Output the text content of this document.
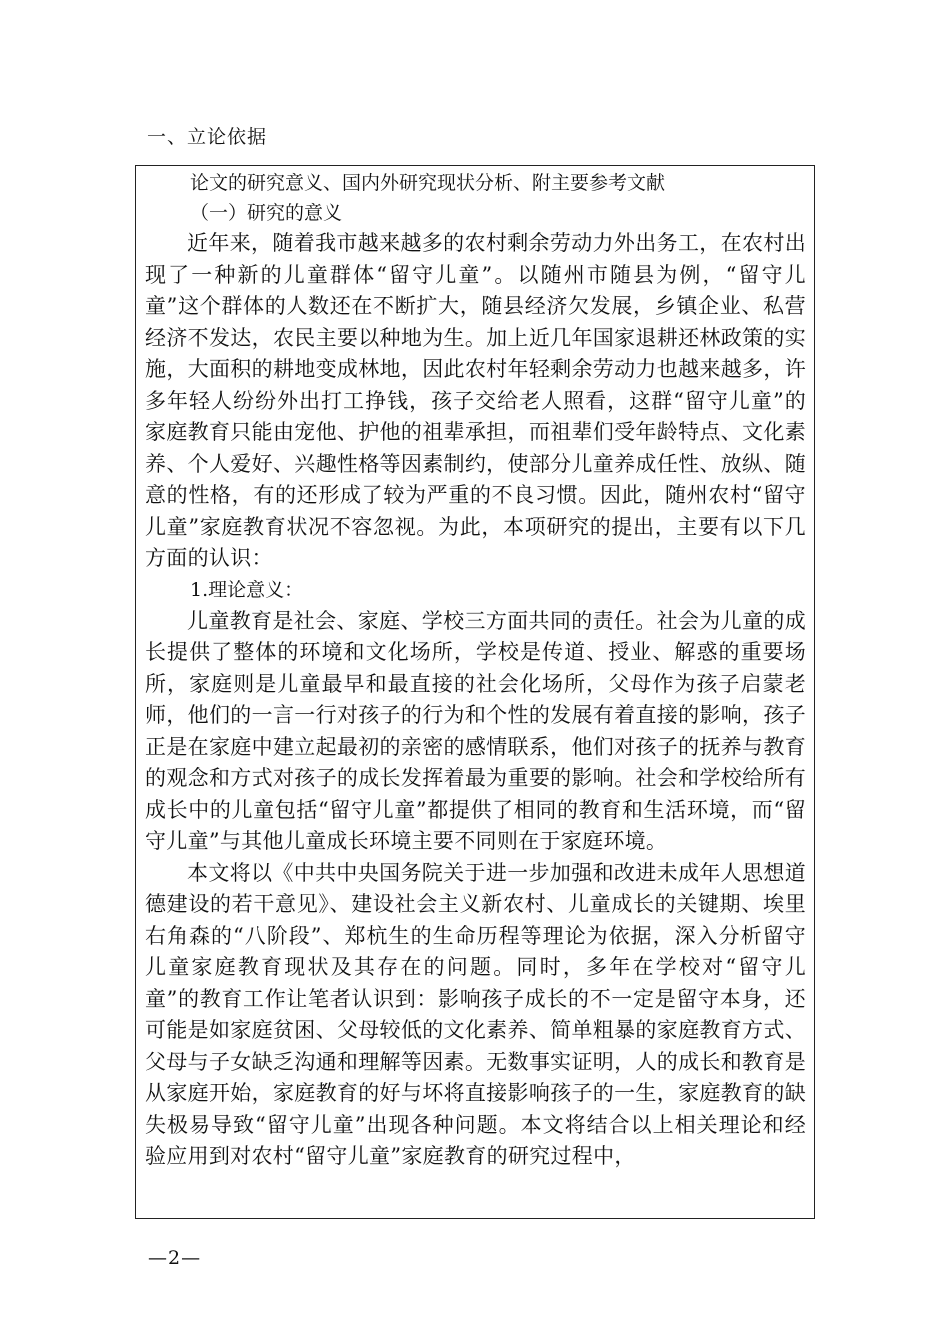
一、立论依据

论文的研究意义、国内外研究现状分析、附主要参考文献

（一）研究的意义

近年来，随着我市越来越多的农村剩余劳动力外出务工，在农村出现了一种新的儿童群体“留守儿童”。以随州市随县为例，“留守儿童”这个群体的人数还在不断扩大，随县经济欠发展，乡镇企业、私营经济不发达，农民主要以种地为生。加上近几年国家退耕还林政策的实施，大面积的耕地变成林地，因此农村年轻剩余劳动力也越来越多，许多年轻人纷纷外出打工挣钱，孩子交给老人照看，这群“留守儿童”的家庭教育只能由宠他、护他的祖辈承担，而祖辈们受年龄特点、文化素养、个人爱好、兴趣性格等因素制约，使部分儿童养成任性、放纵、随意的性格，有的还形成了较为严重的不良习惯。因此，随州农村“留守儿童”家庭教育状况不容忽视。为此，本项研究的提出，主要有以下几方面的认识：

1.理论意义：

儿童教育是社会、家庭、学校三方面共同的责任。社会为儿童的成长提供了整体的环境和文化场所，学校是传道、授业、解惑的重要场所，家庭则是儿童最早和最直接的社会化场所，父母作为孩子启蒙老师，他们的一言一行对孩子的行为和个性的发展有着直接的影响，孩子正是在家庭中建立起最初的亲密的感情联系，他们对孩子的抚养与教育的观念和方式对孩子的成长发挥着最为重要的影响。社会和学校给所有成长中的儿童包括“留守儿童”都提供了相同的教育和生活环境，而“留守儿童”与其他儿童成长环境主要不同则在于家庭环境。

本文将以《中共中央国务院关于进一步加强和改进未成年人思想道德建设的若干意见》、建设社会主义新农村、儿童成长的关键期、埃里右角森的“八阶段”、郑杭生的生命历程等理论为依据，深入分析留守儿童家庭教育现状及其存在的问题。同时，多年在学校对“留守儿童”的教育工作让笔者认识到：影响孩子成长的不一定是留守本身，还可能是如家庭贫困、父母较低的文化素养、简单粗暴的家庭教育方式、父母与子女缺乏沟通和理解等因素。无数事实证明，人的成长和教育是从家庭开始，家庭教育的好与坏将直接影响孩子的一生，家庭教育的缺失极易导致“留守儿童”出现各种问题。本文将结合以上相关理论和经验应用到对农村“留守儿童”家庭教育的研究过程中，

—2—
